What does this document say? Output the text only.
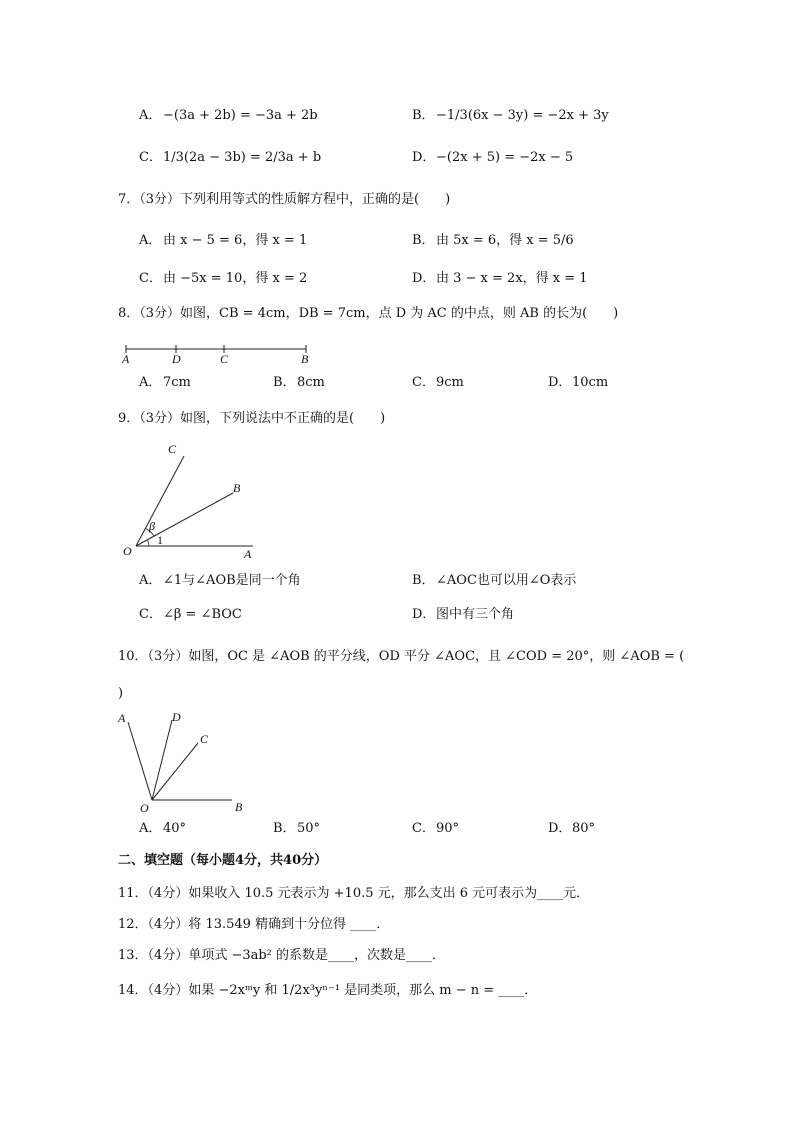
A． −(3a + 2b) = −3a + 2b	B． −1/3(6x − 3y) = −2x + 3y
C． 1/3(2a − 3b) = 2/3a + b	D． −(2x + 5) = −2x − 5
7．（3分）下列利用等式的性质解方程中，正确的是(　　)
A． 由 x − 5 = 6，得 x = 1	B． 由 5x = 6，得 x = 5/6
C． 由 −5x = 10，得 x = 2	D． 由 3 − x = 2x，得 x = 1
8．（3分）如图，CB = 4cm，DB = 7cm，点 D 为 AC 的中点，则 AB 的长为(　　)
A	D	C	B
A． 7cm	B． 8cm	C． 9cm	D． 10cm
9．（3分）如图，下列说法中不正确的是(　　)
C
B
O	A
β
1
A． ∠1与∠AOB是同一个角	B． ∠AOC也可以用∠O表示
C． ∠β = ∠BOC	D． 图中有三个角
10．（3分）如图，OC 是 ∠AOB 的平分线，OD 平分 ∠AOC，且 ∠COD = 20°，则 ∠AOB = (
)
A	D
C
O	B
A． 40°	B． 50°	C． 90°	D． 80°
二、填空题（每小题4分，共40分）
11．（4分）如果收入 10.5 元表示为 +10.5 元，那么支出 6 元可表示为____元．
12．（4分）将 13.549 精确到十分位得 ____．
13．（4分）单项式 −3ab² 的系数是____，次数是____．
14．（4分）如果 −2xᵐy 和 1/2x³yⁿ⁻¹ 是同类项，那么 m − n = ____．
